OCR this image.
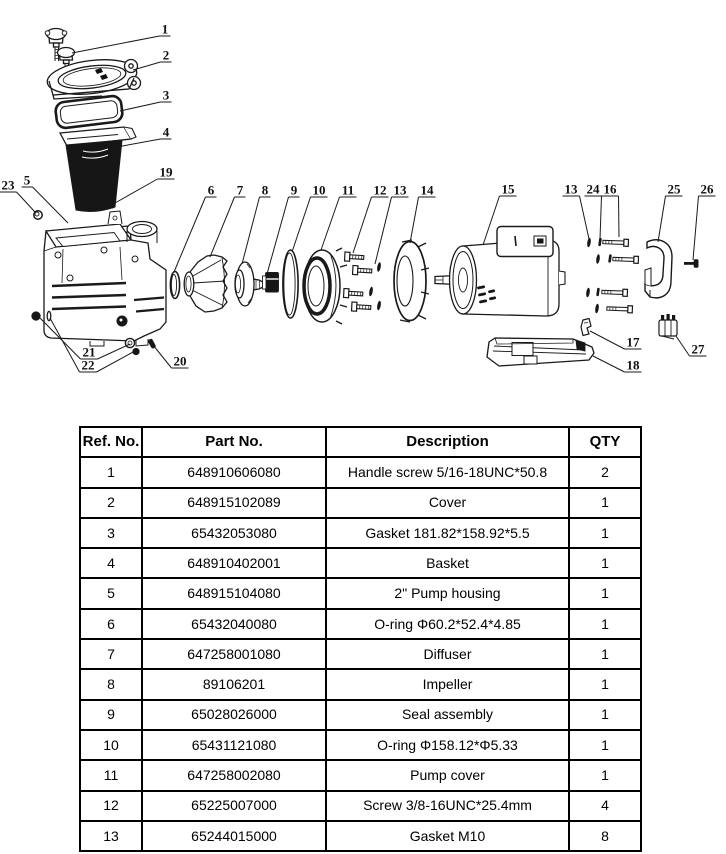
1
2
3
4
19
23 5
6 7 8 9 10 11 12 13 14	15	13 24 16	25 26
21
22	20
17
18
27
Ref. No.	Part No.	Description	QTY
1	648910606080	Handle screw 5/16-18UNC*50.8	2
2	648915102089	Cover	1
3	65432053080	Gasket 181.82*158.92*5.5	1
4	648910402001	Basket	1
5	648915104080	2" Pump housing	1
6	65432040080	O-ring Φ60.2*52.4*4.85	1
7	647258001080	Diffuser	1
8	89106201	Impeller	1
9	65028026000	Seal assembly	1
10	65431121080	O-ring Φ158.12*Φ5.33	1
11	647258002080	Pump cover	1
12	65225007000	Screw 3/8-16UNC*25.4mm	4
13	65244015000	Gasket M10	8
